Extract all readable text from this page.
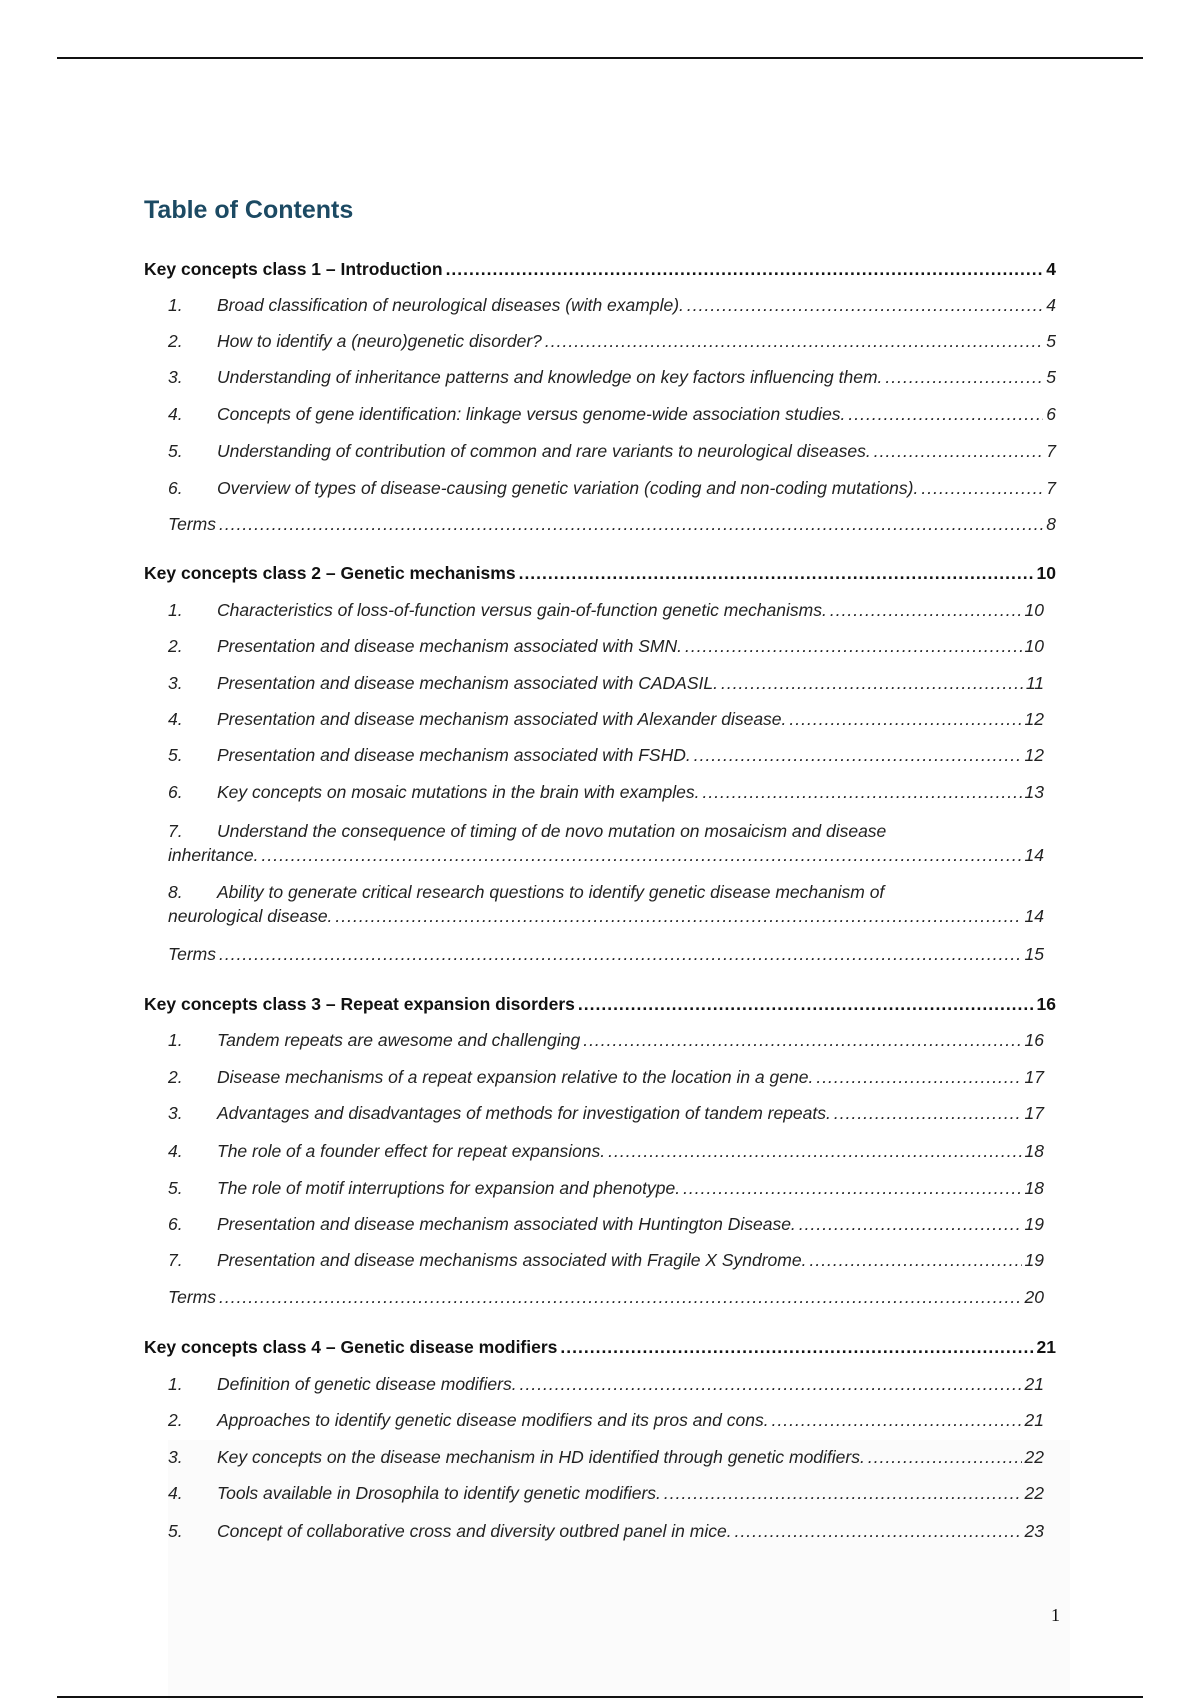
Table of Contents
Key concepts class 1 – Introduction .....	4
1.	Broad classification of neurological diseases (with example). .....	4
2.	How to identify a (neuro)genetic disorder? .....	5
3.	Understanding of inheritance patterns and knowledge on key factors influencing them. .....	5
4.	Concepts of gene identification: linkage versus genome-wide association studies. .....	6
5.	Understanding of contribution of common and rare variants to neurological diseases. .....	7
6.	Overview of types of disease-causing genetic variation (coding and non-coding mutations). .....	7
Terms .....	8
Key concepts class 2 – Genetic mechanisms .....	10
1.	Characteristics of loss-of-function versus gain-of-function genetic mechanisms. .....	10
2.	Presentation and disease mechanism associated with SMN. .....	10
3.	Presentation and disease mechanism associated with CADASIL. .....	11
4.	Presentation and disease mechanism associated with Alexander disease. .....	12
5.	Presentation and disease mechanism associated with FSHD. .....	12
6.	Key concepts on mosaic mutations in the brain with examples. .....	13
7.	Understand the consequence of timing of de novo mutation on mosaicism and disease
inheritance. .....	14
8.	Ability to generate critical research questions to identify genetic disease mechanism of
neurological disease. .....	14
Terms .....	15
Key concepts class 3 – Repeat expansion disorders .....	16
1.	Tandem repeats are awesome and challenging .....	16
2.	Disease mechanisms of a repeat expansion relative to the location in a gene. .....	17
3.	Advantages and disadvantages of methods for investigation of tandem repeats. .....	17
4.	The role of a founder effect for repeat expansions. .....	18
5.	The role of motif interruptions for expansion and phenotype. .....	18
6.	Presentation and disease mechanism associated with Huntington Disease. .....	19
7.	Presentation and disease mechanisms associated with Fragile X Syndrome. .....	19
Terms .....	20
Key concepts class 4 – Genetic disease modifiers .....	21
1.	Definition of genetic disease modifiers. .....	21
2.	Approaches to identify genetic disease modifiers and its pros and cons. .....	21
3.	Key concepts on the disease mechanism in HD identified through genetic modifiers. .....	22
4.	Tools available in Drosophila to identify genetic modifiers. .....	22
5.	Concept of collaborative cross and diversity outbred panel in mice. .....	23
1
